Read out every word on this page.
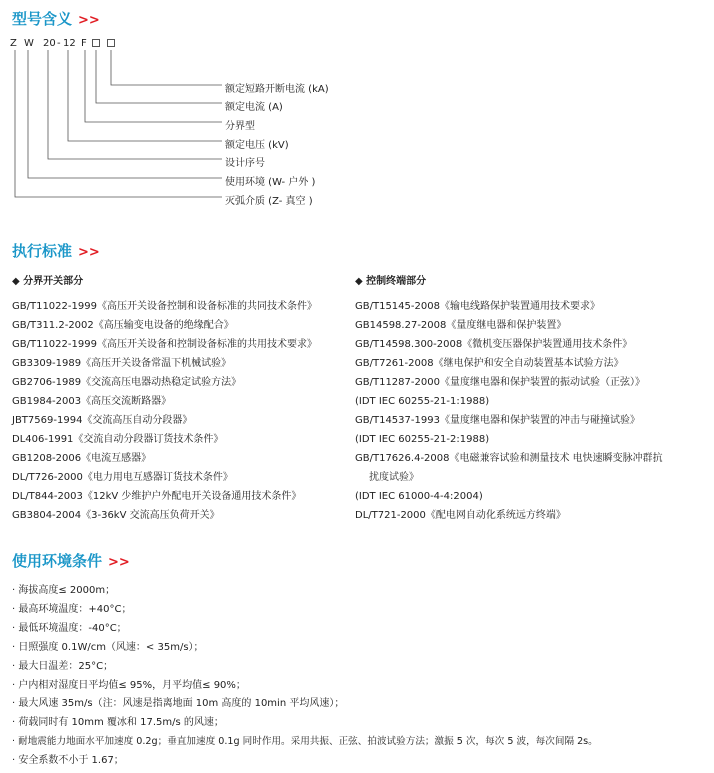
型号含义 >>
Z W 20 - 12 F
额定短路开断电流 (kA)
额定电流 (A)
分界型
额定电压 (kV)
设计序号
使用环境 (W- 户外 )
灭弧介质 (Z- 真空 )
执行标准 >>
◆ 分界开关部分
GB/T11022-1999《高压开关设备控制和设备标准的共同技术条件》
GB/T311.2-2002《高压输变电设备的绝缘配合》
GB/T11022-1999《高压开关设备和控制设备标准的共用技术要求》
GB3309-1989《高压开关设备常温下机械试验》
GB2706-1989《交流高压电器动热稳定试验方法》
GB1984-2003《高压交流断路器》
JBT7569-1994《交流高压自动分段器》
DL406-1991《交流自动分段器订货技术条件》
GB1208-2006《电流互感器》
DL/T726-2000《电力用电互感器订货技术条件》
DL/T844-2003《12kV 少维护户外配电开关设备通用技术条件》
GB3804-2004《3-36kV 交流高压负荷开关》
◆ 控制终端部分
GB/T15145-2008《输电线路保护装置通用技术要求》
GB14598.27-2008《量度继电器和保护装置》
GB/T14598.300-2008《微机变压器保护装置通用技术条件》
GB/T7261-2008《继电保护和安全自动装置基本试验方法》
GB/T11287-2000《量度继电器和保护装置的振动试验（正弦）》
(IDT IEC 60255-21-1:1988)
GB/T14537-1993《量度继电器和保护装置的冲击与碰撞试验》
(IDT IEC 60255-21-2:1988)
GB/T17626.4-2008《电磁兼容试验和测量技术 电快速瞬变脉冲群抗
扰度试验》
(IDT IEC 61000-4-4:2004)
DL/T721-2000《配电网自动化系统远方终端》
使用环境条件 >>
· 海拔高度≤ 2000m；
· 最高环境温度：+40°C；
· 最低环境温度：-40°C；
· 日照强度 0.1W/cm（风速：< 35m/s）；
· 最大日温差：25°C；
· 户内相对湿度日平均值≤ 95%，月平均值≤ 90%；
· 最大风速 35m/s（注：风速是指离地面 10m 高度的 10min 平均风速）；
· 荷载同时有 10mm 覆冰和 17.5m/s 的风速；
· 耐地震能力地面水平加速度 0.2g；垂直加速度 0.1g 同时作用。采用共振、正弦、拍波试验方法；激振 5 次，每次 5 波，每次间隔 2s。
· 安全系数不小于 1.67；
